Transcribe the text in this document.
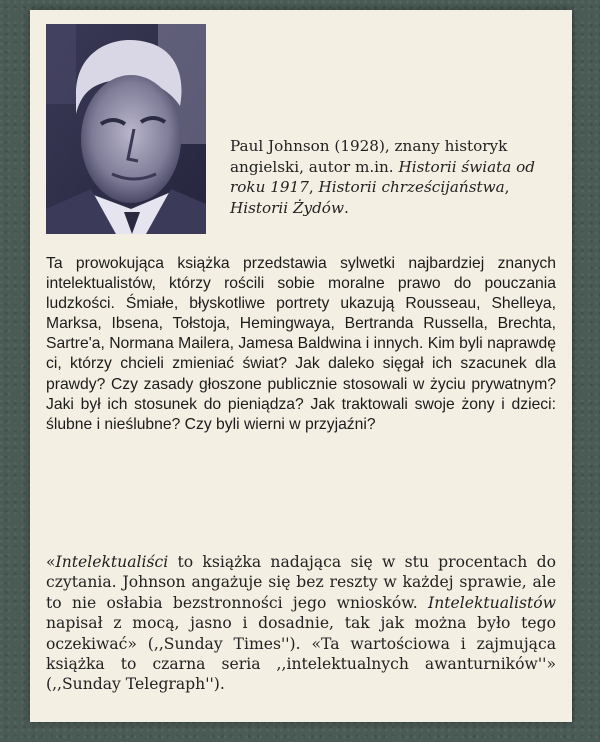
Paul Johnson (1928), znany historyk angielski, autor m.in. Historii świata od roku 1917, Historii chrześcijaństwa, Historii Żydów.
Ta prowokująca książka przedstawia sylwetki najbardziej znanych intelektualistów, którzy rościli sobie moralne prawo do pouczania ludzkości. Śmiałe, błyskotliwe portrety ukazują Rousseau, Shelleya, Marksa, Ibsena, Tołstoja, Hemingwaya, Bertranda Russella, Brechta, Sartre'a, Normana Mailera, Jamesa Baldwina i innych. Kim byli naprawdę ci, którzy chcieli zmieniać świat? Jak daleko sięgał ich szacunek dla prawdy? Czy zasady głoszone publicznie stosowali w życiu prywatnym? Jaki był ich stosunek do pieniądza? Jak traktowali swoje żony i dzieci: ślubne i nieślubne? Czy byli wierni w przyjaźni?
«Intelektualiści to książka nadająca się w stu procentach do czytania. Johnson angażuje się bez reszty w każdej sprawie, ale to nie osłabia bezstronności jego wniosków. Intelektualistów napisał z mocą, jasno i dosadnie, tak jak można było tego oczekiwać» (,,Sunday Times''). «Ta wartościowa i zajmująca książka to czarna seria ,,intelektualnych awanturników''» (,,Sunday Telegraph'').
